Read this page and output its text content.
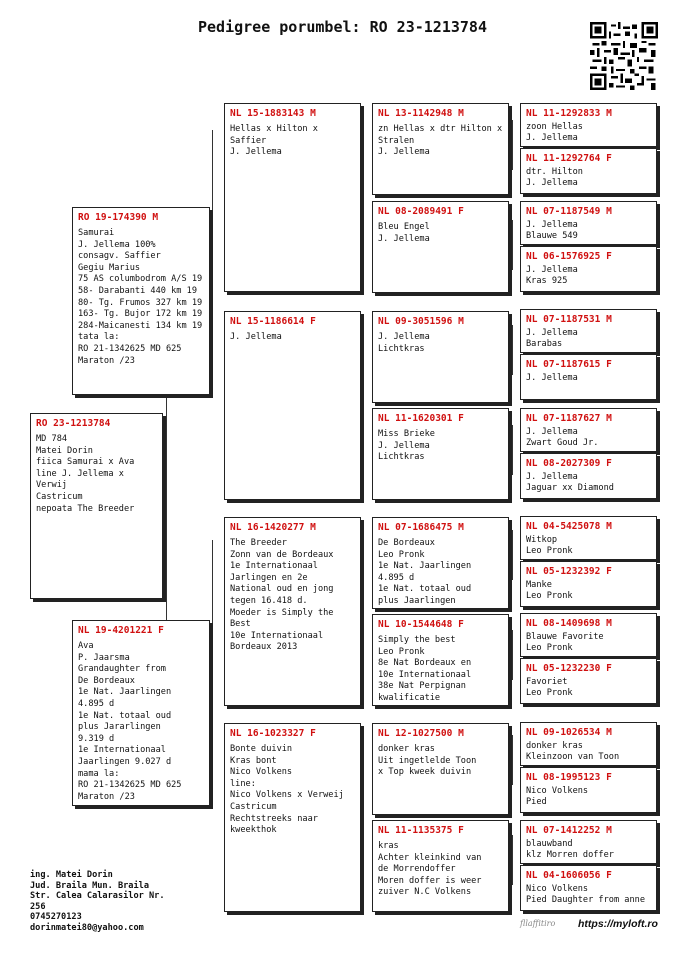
Pedigree porumbel: RO 23-1213784
RO 23-1213784
MD 784
Matei Dorin
fiica Samurai x Ava
line J. Jellema x Verwij
Castricum
nepoata The Breeder
RO 19-174390 M
Samurai
J. Jellema 100%
consagv. Saffier
Gegiu Marius
75 AS columbodrom A/S 19
58- Darabanti 440 km 19
80- Tg. Frumos 327 km 19
163- Tg. Bujor 172 km 19
284-Maicanesti 134 km 19
tata la:
RO 21-1342625 MD 625
Maraton /23
NL 19-4201221 F
Ava
P. Jaarsma
Grandaughter from
De Bordeaux
1e Nat. Jaarlingen
4.895 d
1e Nat. totaal oud
plus Jararlingen
9.319 d
1e Internationaal
Jaarlingen 9.027 d
mama la:
RO 21-1342625 MD 625
Maraton /23
NL 15-1883143 M
Hellas x Hilton x
Saffier
J. Jellema
NL 15-1186614 F
J. Jellema
NL 16-1420277 M
The Breeder
Zonn van de Bordeaux
1e Internationaal
Jarlingen en 2e
National oud en jong
tegen 16.418 d.
Moeder is Simply the
Best
10e Internationaal
Bordeaux 2013
NL 16-1023327 F
Bonte duivin
Kras bont
Nico Volkens
line:
Nico Volkens x Verweij
Castricum
Rechtstreeks naar
kweekthok
NL 13-1142948 M
zn Hellas x dtr Hilton x
Stralen
J. Jellema
NL 08-2089491 F
Bleu Engel
J. Jellema
NL 09-3051596 M
J. Jellema
Lichtkras
NL 11-1620301 F
Miss Brieke
J. Jellema
Lichtkras
NL 07-1686475 M
De Bordeaux
Leo Pronk
1e Nat. Jaarlingen
4.895 d
1e Nat. totaal oud
plus Jaarlingen
NL 10-1544648 F
Simply the best
Leo Pronk
8e Nat Bordeaux en
10e Internationaal
38e Nat Perpignan
kwalificatie
NL 12-1027500 M
donker kras
Uit ingetlelde Toon
x Top kweek duivin
NL 11-1135375 F
kras
Achter kleinkind van
de Morrendoffer
Moren doffer is weer
zuiver N.C Volkens
NL 11-1292833 M
zoon Hellas
J. Jellema
NL 11-1292764 F
dtr. Hilton
J. Jellema
NL 07-1187549 M
J. Jellema
Blauwe 549
NL 06-1576925 F
J. Jellema
Kras 925
NL 07-1187531 M
J. Jellema
Barabas
NL 07-1187615 F
J. Jellema
NL 07-1187627 M
J. Jellema
Zwart Goud Jr.
NL 08-2027309 F
J. Jellema
Jaguar xx Diamond
NL 04-5425078 M
Witkop
Leo Pronk
NL 05-1232392 F
Manke
Leo Pronk
NL 08-1409698 M
Blauwe Favorite
Leo Pronk
NL 05-1232230 F
Favoriet
Leo Pronk
NL 09-1026534 M
donker kras
Kleinzoon van Toon
NL 08-1995123 F
Nico Volkens
Pied
NL 07-1412252 M
blauwband
klz Morren doffer
NL 04-1606056 F
Nico Volkens
Pied Daughter from anne
ing. Matei Dorin
Jud. Braila Mun. Braila
Str. Calea Calarasilor Nr.
256
0745270123
dorinmatei80@yahoo.com	fllaffitiro https://myloft.ro
